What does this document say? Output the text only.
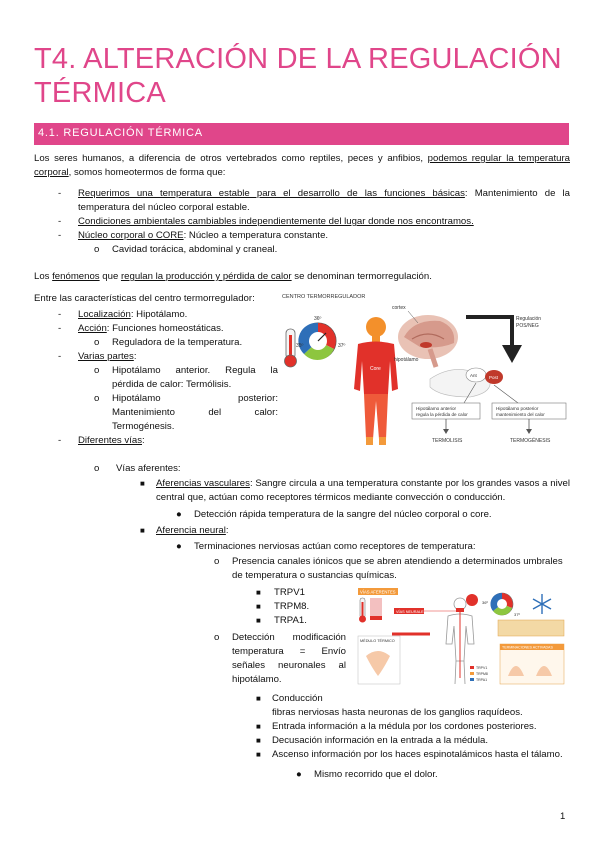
T4. ALTERACIÓN DE LA REGULACIÓN
TÉRMICA
4.1. REGULACIÓN TÉRMICA
Los seres humanos, a diferencia de otros vertebrados como reptiles, peces y anfibios, podemos regular la temperatura
corporal, somos homeotermos de forma que:
- Requerimos una temperatura estable para el desarrollo de las funciones básicas: Mantenimiento de la
temperatura del núcleo corporal estable.
- Condiciones ambientales cambiables independientemente del lugar donde nos encontramos.
- Núcleo corporal o CORE: Núcleo a temperatura constante.
o Cavidad torácica, abdominal y craneal.
Los fenómenos que regulan la producción y pérdida de calor se denominan termorregulación.
Entre las características del centro termorregulador:
- Localización: Hipotálamo.
- Acción: Funciones homeostáticas.
o Reguladora de la temperatura.
- Varias partes:
o Hipotálamo anterior. Regula la
pérdida de calor: Termólisis.
o Hipotálamo posterior:
Mantenimiento del calor:
Termogénesis.
- Diferentes vías:
o Vías aferentes:
■	Aferencias vasculares: Sangre circula a una temperatura constante por los grandes vasos a nivel
central que, actúan como receptores térmicos mediante convección o conducción.
● Detección rápida temperatura de la sangre del núcleo corporal o core.
■ Aferencia neural:
● Terminaciones nerviosas actúan como receptores de temperatura:
o	Presencia canales iónicos que se abren atendiendo a determinados umbrales
de temperatura o sustancias químicas.
■ TRPV1
■ TRPM8.
■ TRPA1.
o	Detección modificación
temperatura = Envío
señales neuronales al
hipotálamo.
■ Conducción
fibras nerviosas hasta neuronas de los ganglios raquídeos.
■ Entrada información a la médula por los cordones posteriores.
■ Decusación información en la entrada a la médula.
■ Ascenso información por los haces espinotalámicos hasta el tálamo.
● Mismo recorrido que el dolor.
CENTRO TERMORREGULADOR
36º
35º	37º
Core
cortex
hipotálamo
Regulación
POS/NEG
Ant	Post
Hipotálamo anterior
regula la pérdida de calor
Hipotálamo posterior
mantenimiento del calor
TERMOLISIS	TERMOGÉNESIS
VÍAS AFERENTES
36º
37º
VÍAS NEURALES
MÉDULO TÉRMICO
TERMINACIONES ACTIVADAS
TRPV1
TRPM8
TRPA1
1
